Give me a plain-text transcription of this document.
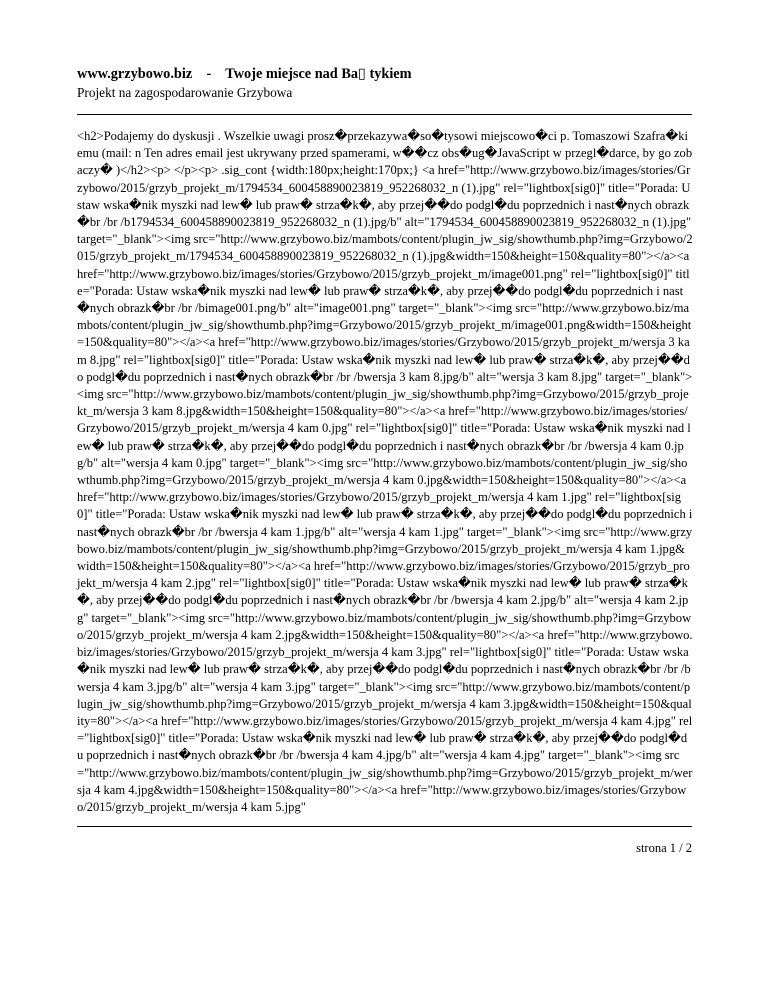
www.grzybowo.biz    -    Twoje miejsce nad Ba▯ tykiem
Projekt na zagospodarowanie Grzybowa
<h2>Podajemy do dyskusji . Wszelkie uwagi prosz�przekazywa�so�tysowi miejscowo�ci p. Tomaszowi Szafra�kiemu (mail: n Ten adres email jest ukrywany przed spamerami, w��cz obs�ug�JavaScript w przegl�darce, by go zobaczy� )</h2><p> </p><p> .sig_cont {width:180px;height:170px;} <a href="http://www.grzybowo.biz/images/stories/Grzybowo/2015/grzyb_projekt_m/1794534_600458890023819_952268032_n (1).jpg" rel="lightbox[sig0]" title="Porada: Ustaw wska�nik myszki nad lew� lub praw� strza�k�, aby przej��do podgl�du poprzednich i nast�nych obrazk�br /br /b1794534_600458890023819_952268032_n (1).jpg/b" alt="1794534_600458890023819_952268032_n (1).jpg" target="_blank"><img src="http://www.grzybowo.biz/mambots/content/plugin_jw_sig/showthumb.php?img=Grzybowo/2015/grzyb_projekt_m/1794534_600458890023819_952268032_n (1).jpg&width=150&height=150&quality=80"></a><a href="http://www.grzybowo.biz/images/stories/Grzybowo/2015/grzyb_projekt_m/image001.png" rel="lightbox[sig0]" title="Porada: Ustaw wska�nik myszki nad lew� lub praw� strza�k�, aby przej��do podgl�du poprzednich i nast�nych obrazk�br /br /bimage001.png/b" alt="image001.png" target="_blank"><img src="http://www.grzybowo.biz/mambots/content/plugin_jw_sig/showthumb.php?img=Grzybowo/2015/grzyb_projekt_m/image001.png&width=150&height=150&quality=80"></a><a href="http://www.grzybowo.biz/images/stories/Grzybowo/2015/grzyb_projekt_m/wersja 3 kam 8.jpg" rel="lightbox[sig0]" title="Porada: Ustaw wska�nik myszki nad lew� lub praw� strza�k�, aby przej��do podgl�du poprzednich i nast�nych obrazk�br /br /bwersja 3 kam 8.jpg/b" alt="wersja 3 kam 8.jpg" target="_blank"><img src="http://www.grzybowo.biz/mambots/content/plugin_jw_sig/showthumb.php?img=Grzybowo/2015/grzyb_projekt_m/wersja 3 kam 8.jpg&width=150&height=150&quality=80"></a><a href="http://www.grzybowo.biz/images/stories/Grzybowo/2015/grzyb_projekt_m/wersja 4 kam 0.jpg" rel="lightbox[sig0]" title="Porada: Ustaw wska�nik myszki nad lew� lub praw� strza�k�, aby przej��do podgl�du poprzednich i nast�nych obrazk�br /br /bwersja 4 kam 0.jpg/b" alt="wersja 4 kam 0.jpg" target="_blank"><img src="http://www.grzybowo.biz/mambots/content/plugin_jw_sig/showthumb.php?img=Grzybowo/2015/grzyb_projekt_m/wersja 4 kam 0.jpg&width=150&height=150&quality=80"></a><a href="http://www.grzybowo.biz/images/stories/Grzybowo/2015/grzyb_projekt_m/wersja 4 kam 1.jpg" rel="lightbox[sig0]" title="Porada: Ustaw wska�nik myszki nad lew� lub praw� strza�k�, aby przej��do podgl�du poprzednich i nast�nych obrazk�br /br /bwersja 4 kam 1.jpg/b" alt="wersja 4 kam 1.jpg" target="_blank"><img src="http://www.grzybowo.biz/mambots/content/plugin_jw_sig/showthumb.php?img=Grzybowo/2015/grzyb_projekt_m/wersja 4 kam 1.jpg&width=150&height=150&quality=80"></a><a href="http://www.grzybowo.biz/images/stories/Grzybowo/2015/grzyb_projekt_m/wersja 4 kam 2.jpg" rel="lightbox[sig0]" title="Porada: Ustaw wska�nik myszki nad lew� lub praw� strza�k�, aby przej��do podgl�du poprzednich i nast�nych obrazk�br /br /bwersja 4 kam 2.jpg/b" alt="wersja 4 kam 2.jpg" target="_blank"><img src="http://www.grzybowo.biz/mambots/content/plugin_jw_sig/showthumb.php?img=Grzybowo/2015/grzyb_projekt_m/wersja 4 kam 2.jpg&width=150&height=150&quality=80"></a><a href="http://www.grzybowo.biz/images/stories/Grzybowo/2015/grzyb_projekt_m/wersja 4 kam 3.jpg" rel="lightbox[sig0]" title="Porada: Ustaw wska�nik myszki nad lew� lub praw� strza�k�, aby przej��do podgl�du poprzednich i nast�nych obrazk�br /br /bwersja 4 kam 3.jpg/b" alt="wersja 4 kam 3.jpg" target="_blank"><img src="http://www.grzybowo.biz/mambots/content/plugin_jw_sig/showthumb.php?img=Grzybowo/2015/grzyb_projekt_m/wersja 4 kam 3.jpg&width=150&height=150&quality=80"></a><a href="http://www.grzybowo.biz/images/stories/Grzybowo/2015/grzyb_projekt_m/wersja 4 kam 4.jpg" rel="lightbox[sig0]" title="Porada: Ustaw wska�nik myszki nad lew� lub praw� strza�k�, aby przej��do podgl�du poprzednich i nast�nych obrazk�br /br /bwersja 4 kam 4.jpg/b" alt="wersja 4 kam 4.jpg" target="_blank"><img src="http://www.grzybowo.biz/mambots/content/plugin_jw_sig/showthumb.php?img=Grzybowo/2015/grzyb_projekt_m/wersja 4 kam 4.jpg&width=150&height=150&quality=80"></a><a href="http://www.grzybowo.biz/images/stories/Grzybowo/2015/grzyb_projekt_m/wersja 4 kam 5.jpg"
strona 1 / 2
